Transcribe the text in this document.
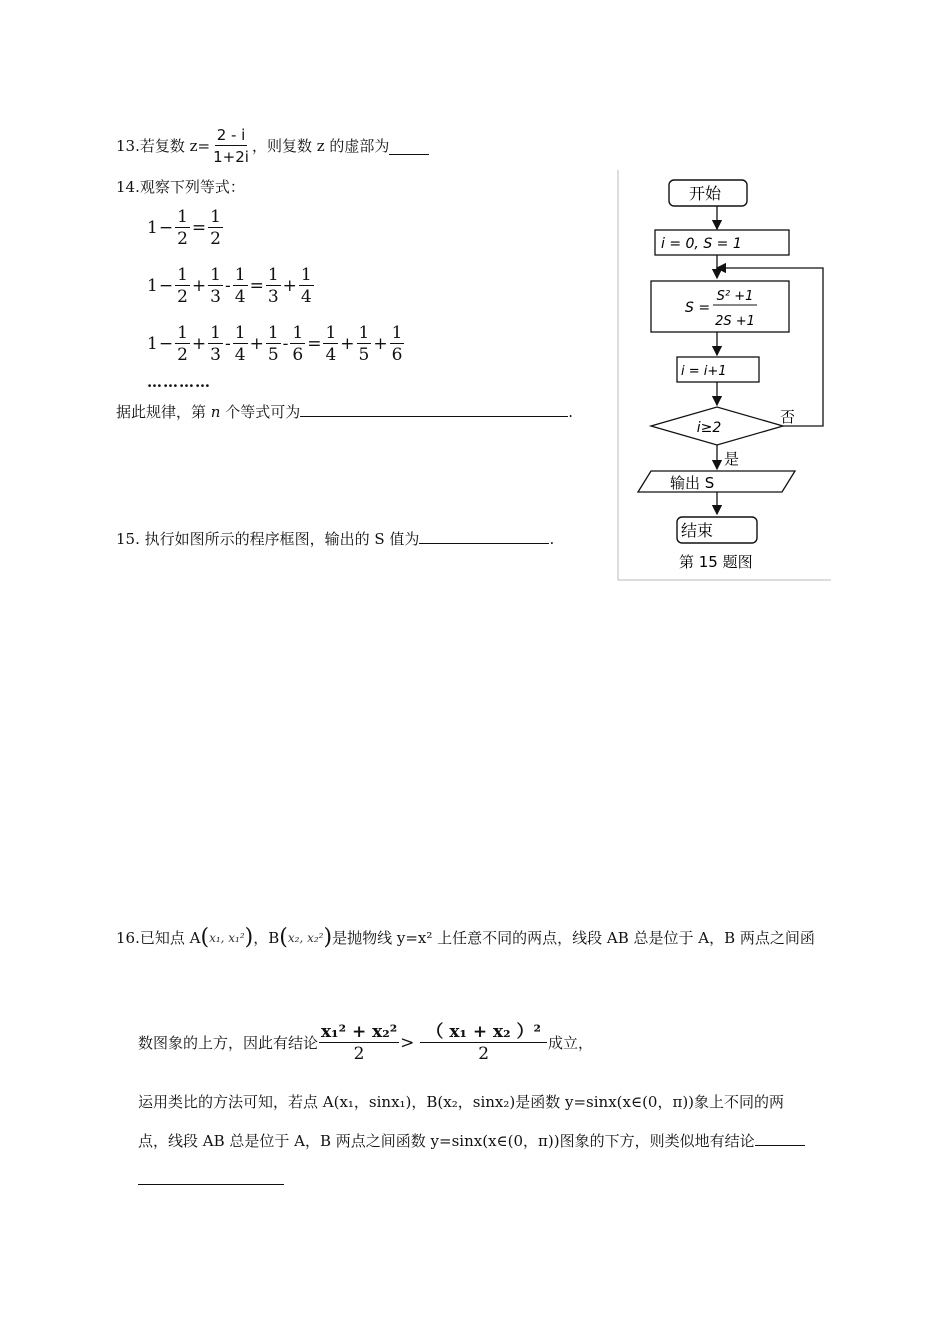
13.若复数 $z= \frac{2 - i}{1+2i}$ ，则复数 z 的虚部为
14.观察下列等式：
$1 - \frac{1}{2} = \frac{1}{2}$
$1 - \frac{1}{2} + \frac{1}{3} - \frac{1}{4} = \frac{1}{3} + \frac{1}{4}$
$1 - \frac{1}{2} + \frac{1}{3} - \frac{1}{4} + \frac{1}{5} - \frac{1}{6} = \frac{1}{4} + \frac{1}{5} + \frac{1}{6}$
…………
据此规律，第 n 个等式可为	.
15. 执行如图所示的程序框图，输出的 S 值为	.
开始
i = 0, S = 1
S =
S² +1
2S +1
i = i+1
i≥2
否
是
输出 S
结束
第 15 题图
16.已知点 A ( x₁, x₁² ) ，B ( x₂, x₂² ) 是抛物线 y=x² 上任意不同的两点，线段 AB 总是位于 A，B 两点之间函
数图象的上方，因此有结论 $\frac{\text{x₁² + x₂²}}{2} > \frac{\text{（ x₁ + x₂ ）²}}{2}$ 成立，
运用类比的方法可知，若点 A(x₁，sinx₁)，B(x₂，sinx₂)是函数 y=sinx(x∈(0，π))象上不同的两
点，线段 AB 总是位于 A，B 两点之间函数 y=sinx(x∈(0，π))图象的下方，则类似地有结论
